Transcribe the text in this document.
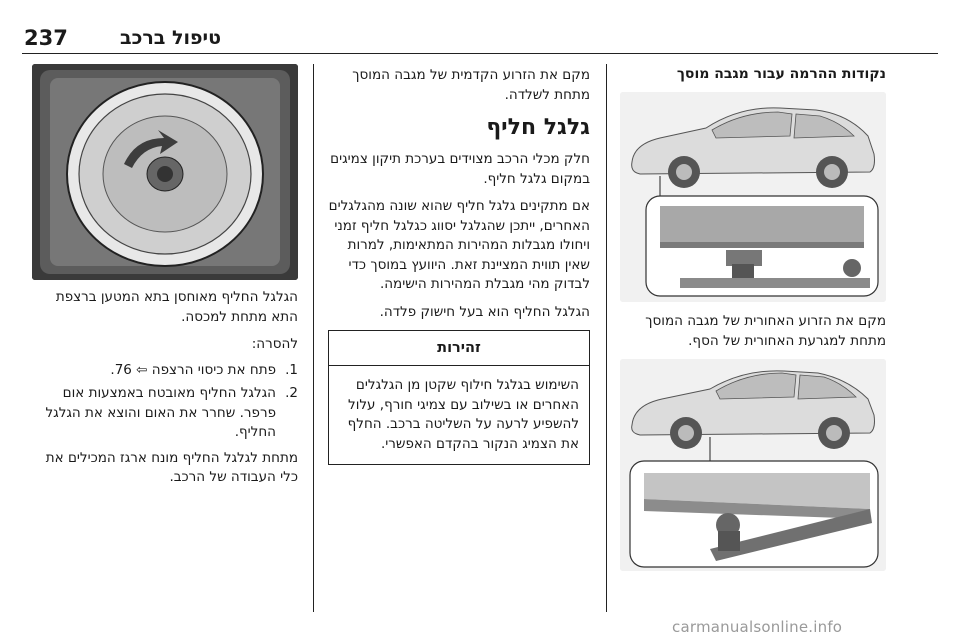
237	טיפול ברכב
נקודות ההרמה עבור מגבה מוסך
מקם את הזרוע האחורית של מגבה המוסך מתחת למגרעת האחורית של הסף.
מקם את הזרוע הקדמית של מגבה המוסך מתחת לשלדה.
גלגל חליף
חלק מכלי הרכב מצוידים בערכת תיקון צמיגים במקום גלגל חליף.
אם מתקינים גלגל חליף שהוא שונה מהגלגלים האחרים, ייתכן שהגלגל יסווג כגלגל חליף זמני ויחולו מגבלות המהירות המתאימות, למרות שאין תווית המציינת זאת. היוועץ במוסך כדי לבדוק מהי מגבלת המהירות הישימה.
הגלגל החליף הוא בעל חישוק פלדה.
זהירות
השימוש בגלגל חילוף שקטן מן הגלגלים האחרים או בשילוב עם צמיגי חורף, עלול להשפיע לרעה על השליטה ברכב. החלף את הצמיג הנקור בהקדם האפשרי.
הגלגל החליף מאוחסן בתא המטען ברצפת התא מתחת למכסה.
להסרה:
1.
פתח את כיסוי הרצפה ⇦ 76.
2.
הגלגל החליף מאובטח באמצעות אום פרפר. שחרר את האום והוצא את הגלגל החליף.
מתחת לגלגל החליף מונח ארגז המכילים את כלי העבודה של הרכב.
carmanualsonline.info
